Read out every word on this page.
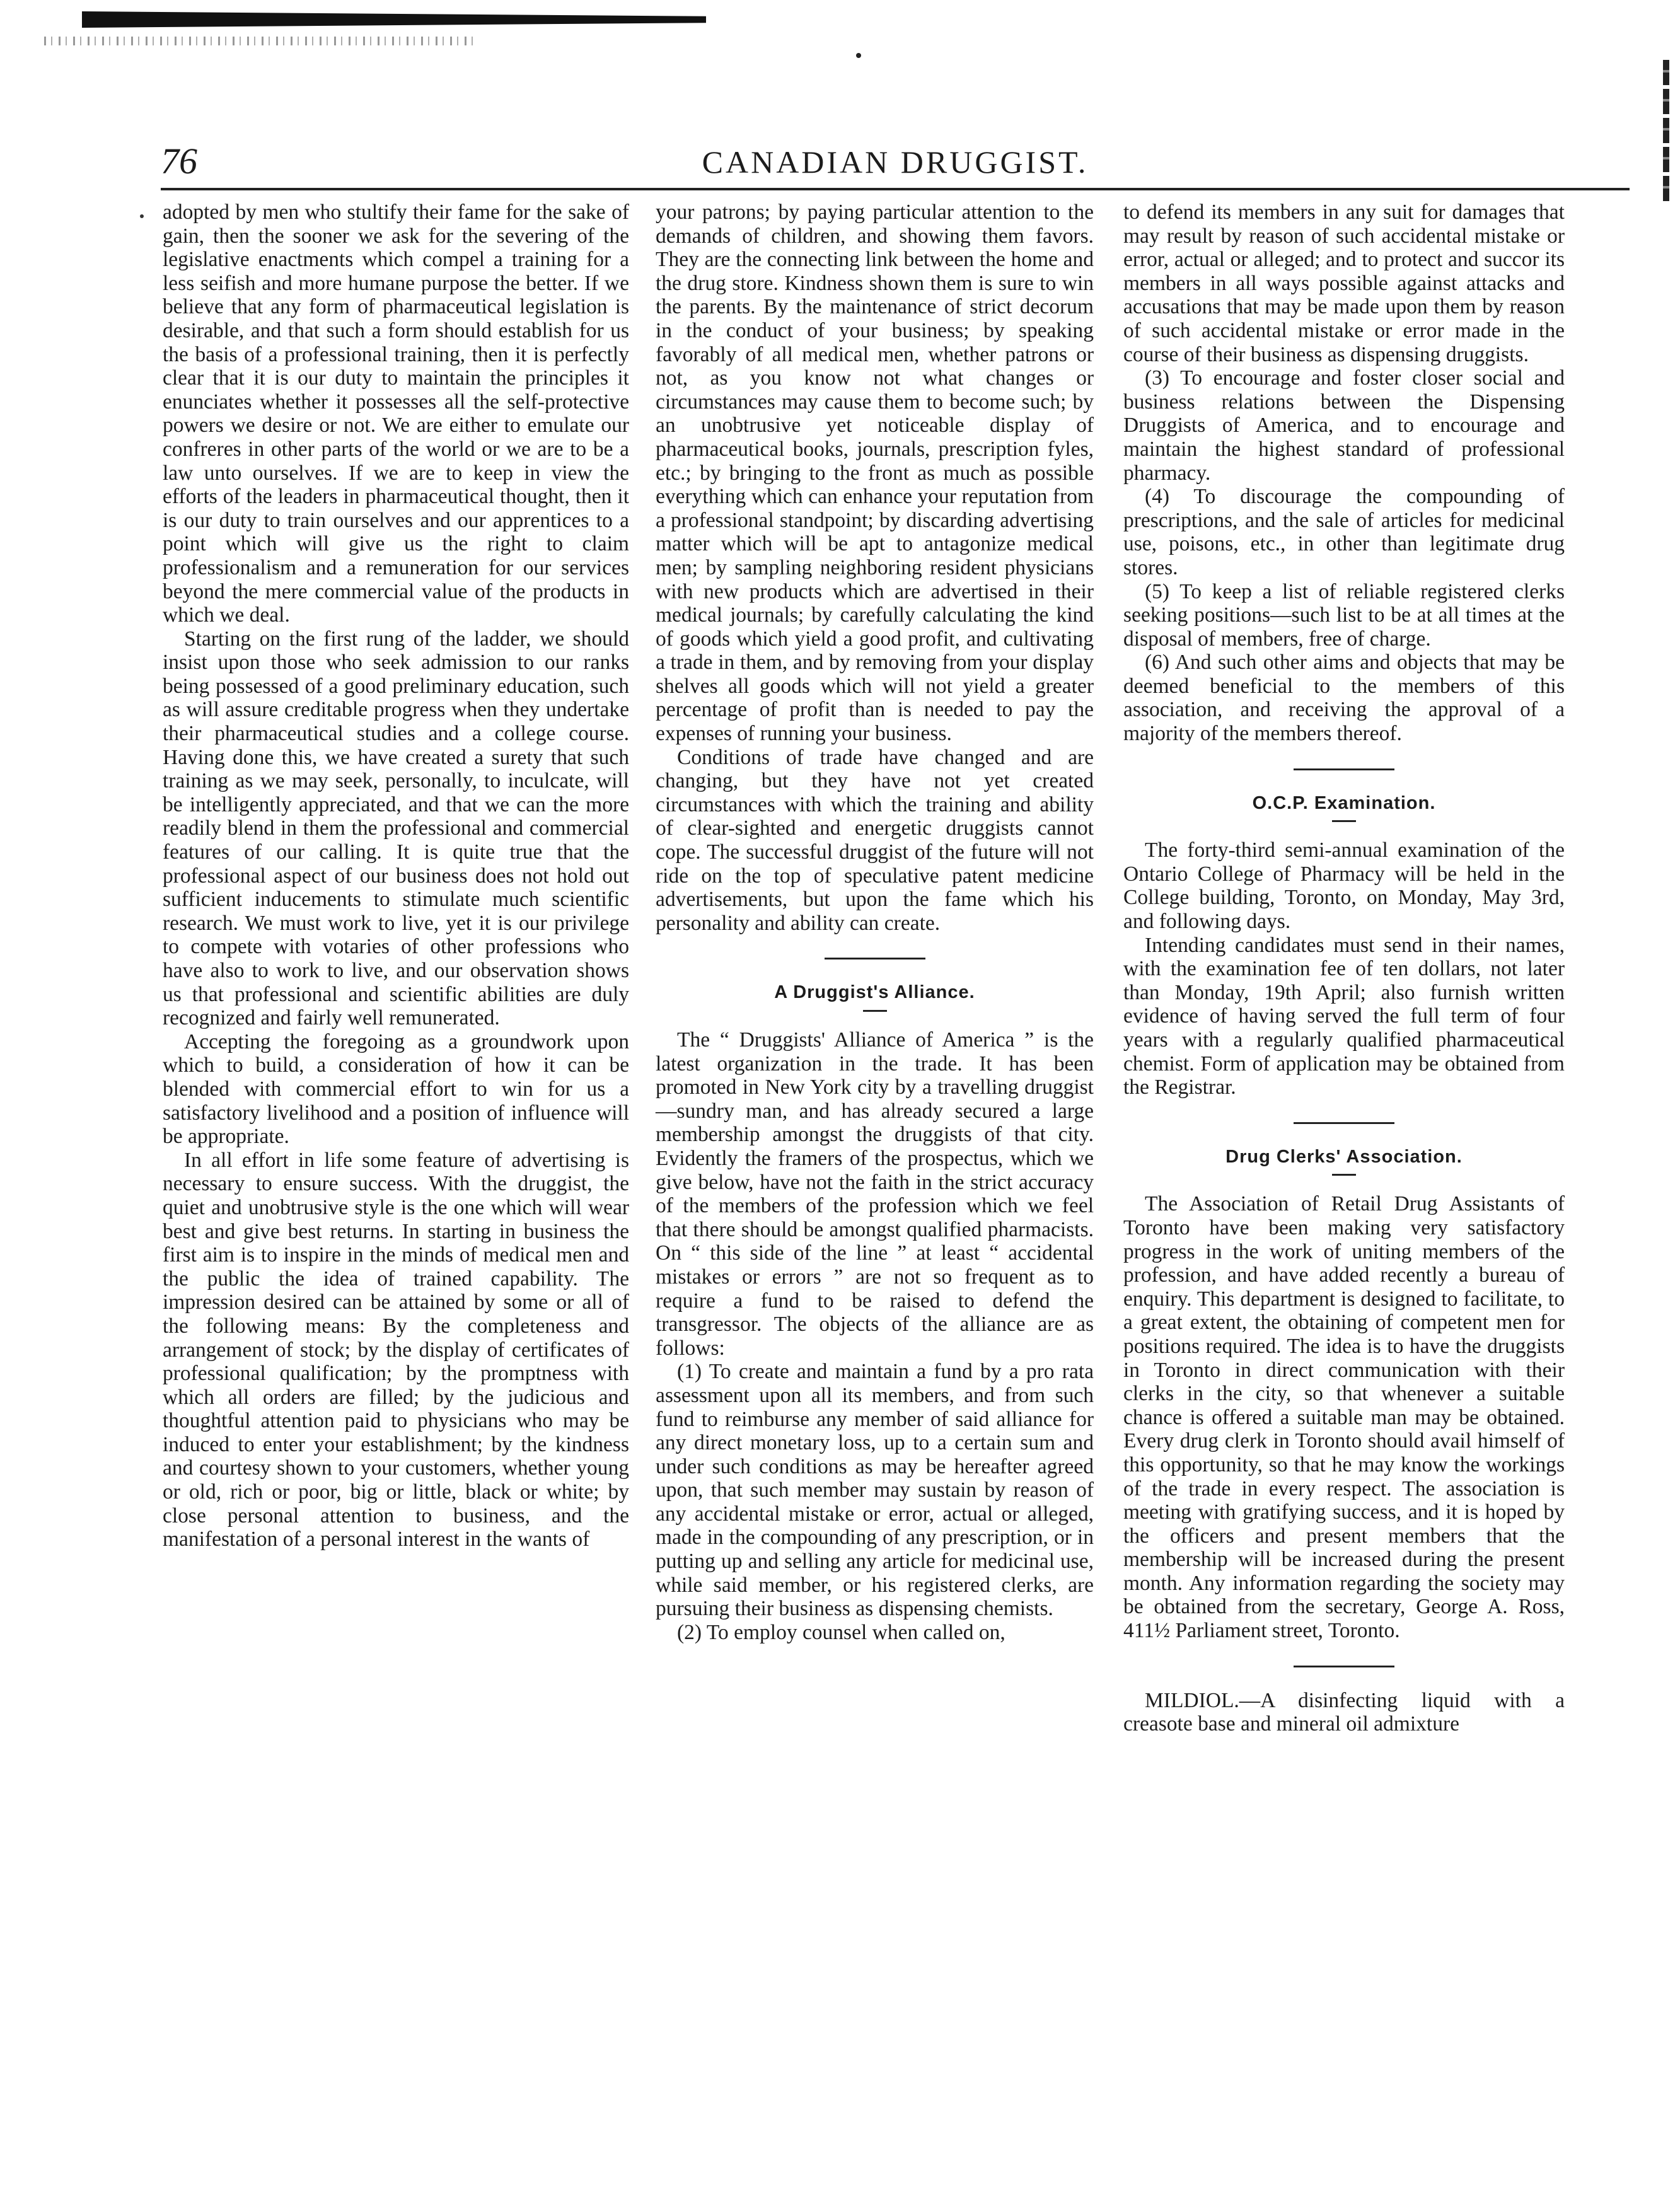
76	CANADIAN DRUGGIST.

adopted by men who stultify their fame for the sake of gain, then the sooner we ask for the severing of the legislative enactments which compel a training for a less seifish and more humane purpose the better. If we believe that any form of pharmaceutical legislation is desirable, and that such a form should establish for us the basis of a professional training, then it is perfectly clear that it is our duty to maintain the principles it enunciates whether it possesses all the self-protective powers we desire or not. We are either to emulate our confreres in other parts of the world or we are to be a law unto ourselves. If we are to keep in view the efforts of the leaders in pharmaceutical thought, then it is our duty to train ourselves and our apprentices to a point which will give us the right to claim professionalism and a remuneration for our services beyond the mere commercial value of the products in which we deal.

Starting on the first rung of the ladder, we should insist upon those who seek admission to our ranks being possessed of a good preliminary education, such as will assure creditable progress when they undertake their pharmaceutical studies and a college course. Having done this, we have created a surety that such training as we may seek, personally, to inculcate, will be intelligently appreciated, and that we can the more readily blend in them the professional and commercial features of our calling. It is quite true that the professional aspect of our business does not hold out sufficient inducements to stimulate much scientific research. We must work to live, yet it is our privilege to compete with votaries of other professions who have also to work to live, and our observation shows us that professional and scientific abilities are duly recognized and fairly well remunerated.

Accepting the foregoing as a groundwork upon which to build, a consideration of how it can be blended with commercial effort to win for us a satisfactory livelihood and a position of influence will be appropriate.

In all effort in life some feature of advertising is necessary to ensure success. With the druggist, the quiet and unobtrusive style is the one which will wear best and give best returns. In starting in business the first aim is to inspire in the minds of medical men and the public the idea of trained capability. The impression desired can be attained by some or all of the following means: By the completeness and arrangement of stock; by the display of certificates of professional qualification; by the promptness with which all orders are filled; by the judicious and thoughtful attention paid to physicians who may be induced to enter your establishment; by the kindness and courtesy shown to your customers, whether young or old, rich or poor, big or little, black or white; by close personal attention to business, and the manifestation of a personal interest in the wants of

your patrons; by paying particular attention to the demands of children, and showing them favors. They are the connecting link between the home and the drug store. Kindness shown them is sure to win the parents. By the maintenance of strict decorum in the conduct of your business; by speaking favorably of all medical men, whether patrons or not, as you know not what changes or circumstances may cause them to become such; by an unobtrusive yet noticeable display of pharmaceutical books, journals, prescription fyles, etc.; by bringing to the front as much as possible everything which can enhance your reputation from a professional standpoint; by discarding advertising matter which will be apt to antagonize medical men; by sampling neighboring resident physicians with new products which are advertised in their medical journals; by carefully calculating the kind of goods which yield a good profit, and cultivating a trade in them, and by removing from your display shelves all goods which will not yield a greater percentage of profit than is needed to pay the expenses of running your business.

Conditions of trade have changed and are changing, but they have not yet created circumstances with which the training and ability of clear-sighted and energetic druggists cannot cope. The successful druggist of the future will not ride on the top of speculative patent medicine advertisements, but upon the fame which his personality and ability can create.

A Druggist's Alliance.

The “ Druggists' Alliance of America ” is the latest organization in the trade. It has been promoted in New York city by a travelling druggist—sundry man, and has already secured a large membership amongst the druggists of that city. Evidently the framers of the prospectus, which we give below, have not the faith in the strict accuracy of the members of the profession which we feel that there should be amongst qualified pharmacists. On “ this side of the line ” at least “ accidental mistakes or errors ” are not so frequent as to require a fund to be raised to defend the transgressor. The objects of the alliance are as follows:

(1) To create and maintain a fund by a pro rata assessment upon all its members, and from such fund to reimburse any member of said alliance for any direct monetary loss, up to a certain sum and under such conditions as may be hereafter agreed upon, that such member may sustain by reason of any accidental mistake or error, actual or alleged, made in the compounding of any prescription, or in putting up and selling any article for medicinal use, while said member, or his registered clerks, are pursuing their business as dispensing chemists.

(2) To employ counsel when called on,

to defend its members in any suit for damages that may result by reason of such accidental mistake or error, actual or alleged; and to protect and succor its members in all ways possible against attacks and accusations that may be made upon them by reason of such accidental mistake or error made in the course of their business as dispensing druggists.

(3) To encourage and foster closer social and business relations between the Dispensing Druggists of America, and to encourage and maintain the highest standard of professional pharmacy.

(4) To discourage the compounding of prescriptions, and the sale of articles for medicinal use, poisons, etc., in other than legitimate drug stores.

(5) To keep a list of reliable registered clerks seeking positions—such list to be at all times at the disposal of members, free of charge.

(6) And such other aims and objects that may be deemed beneficial to the members of this association, and receiving the approval of a majority of the members thereof.

O.C.P. Examination.

The forty-third semi-annual examination of the Ontario College of Pharmacy will be held in the College building, Toronto, on Monday, May 3rd, and following days.

Intending candidates must send in their names, with the examination fee of ten dollars, not later than Monday, 19th April; also furnish written evidence of having served the full term of four years with a regularly qualified pharmaceutical chemist. Form of application may be obtained from the Registrar.

Drug Clerks' Association.

The Association of Retail Drug Assistants of Toronto have been making very satisfactory progress in the work of uniting members of the profession, and have added recently a bureau of enquiry. This department is designed to facilitate, to a great extent, the obtaining of competent men for positions required. The idea is to have the druggists in Toronto in direct communication with their clerks in the city, so that whenever a suitable chance is offered a suitable man may be obtained. Every drug clerk in Toronto should avail himself of this opportunity, so that he may know the workings of the trade in every respect. The association is meeting with gratifying success, and it is hoped by the officers and present members that the membership will be increased during the present month. Any information regarding the society may be obtained from the secretary, George A. Ross, 411½ Parliament street, Toronto.

MILDIOL.—A disinfecting liquid with a creasote base and mineral oil admixture
